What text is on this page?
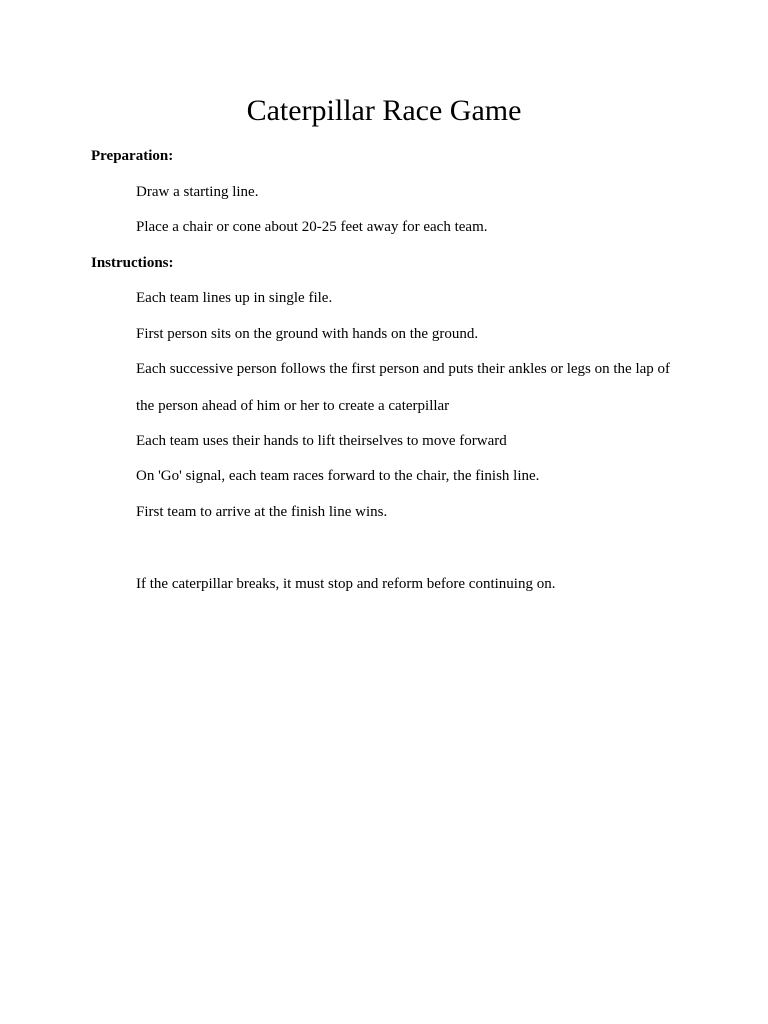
Caterpillar Race Game

Preparation:

Draw a starting line.

Place a chair or cone about 20-25 feet away for each team.

Instructions:

Each team lines up in single file.

First person sits on the ground with hands on the ground.

Each successive person follows the first person and puts their ankles or legs on the lap of

the person ahead of him or her to create a caterpillar

Each team uses their hands to lift theirselves to move forward

On 'Go' signal, each team races forward to the chair, the finish line.

First team to arrive at the finish line wins.

If the caterpillar breaks, it must stop and reform before continuing on.
